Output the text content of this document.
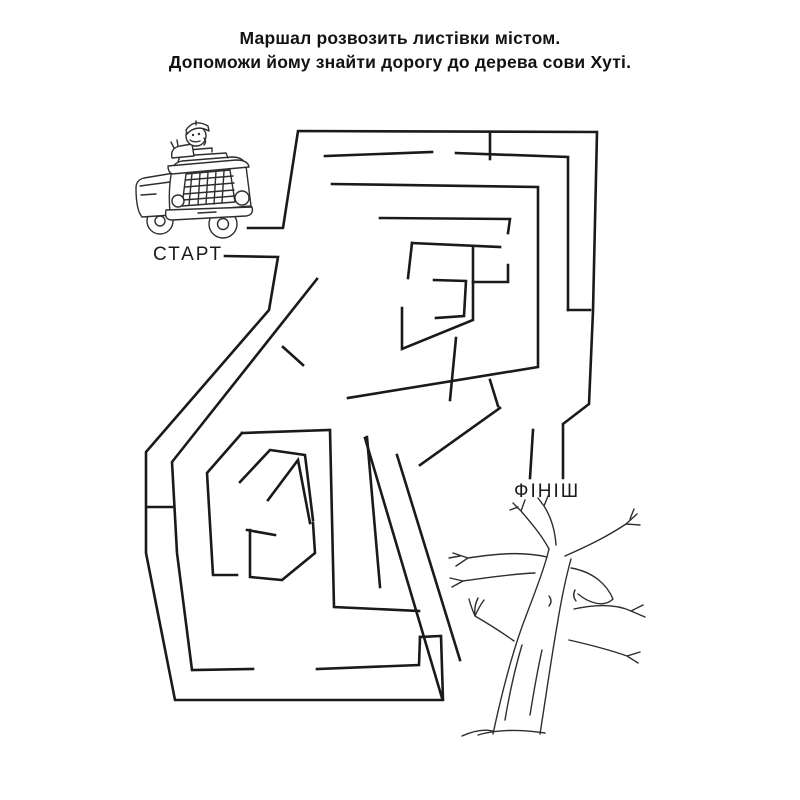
Маршал розвозить листівки містом.
Допоможи йому знайти дорогу до дерева сови Хуті.
СТАРТ
ФІНІШ
